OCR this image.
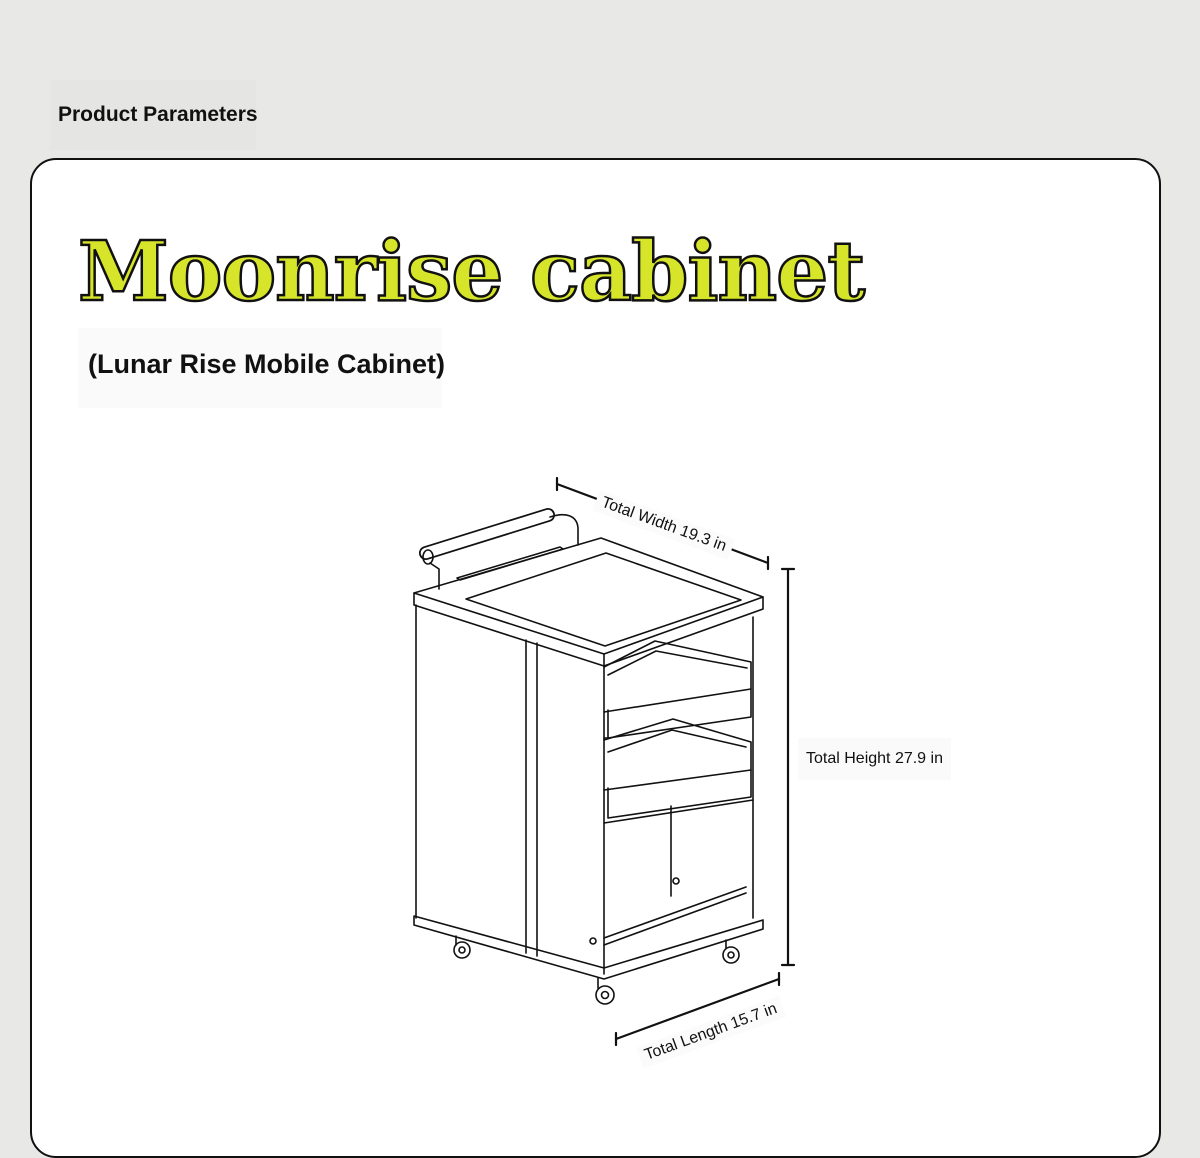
Product Parameters
Moonrise cabinet
(Lunar Rise Mobile Cabinet)
Total Width 19.3 in
Total Height 27.9 in
Total Length 15.7 in
